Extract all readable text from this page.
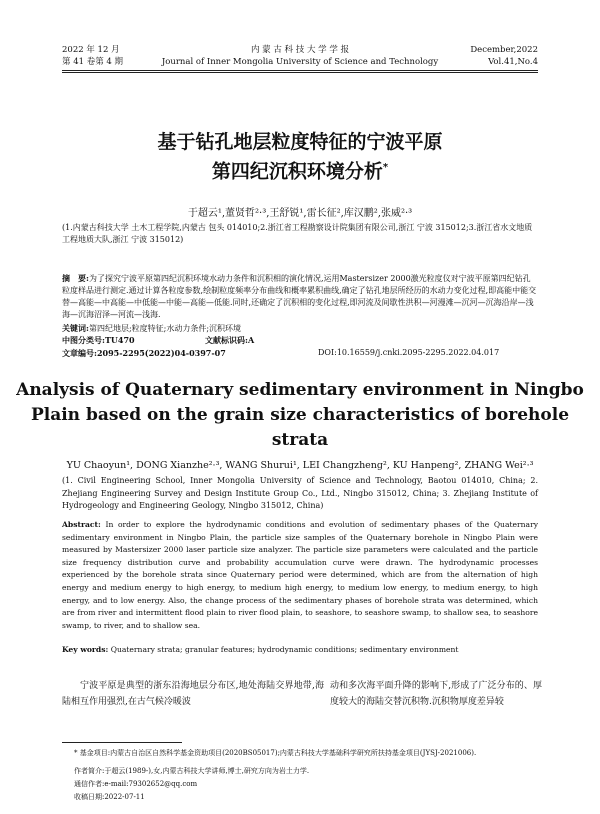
2022 年 12 月
第 41 卷第 4 期
内 蒙 古 科 技 大 学 学 报
Journal of Inner Mongolia University of Science and Technology
December,2022
Vol.41,No.4
基于钻孔地层粒度特征的宁波平原
第四纪沉积环境分析*
于超云¹,董贤哲²·³,王舒锐¹,雷长征²,库汉鹏²,张威²·³
(1.内蒙古科技大学 土木工程学院,内蒙古 包头 014010;2.浙江省工程勘察设计院集团有限公司,浙江 宁波 315012;3.浙江省水文地质工程地质大队,浙江 宁波 315012)
摘　要:为了探究宁波平原第四纪沉积环境水动力条件和沉积相的演化情况,运用Mastersizer 2000激光粒度仪对宁波平原第四纪钻孔粒度样品进行测定.通过计算各粒度参数,绘制粒度频率分布曲线和概率累积曲线,确定了钻孔地层所经历的水动力变化过程,即高能中能交替—高能—中高能—中低能—中能—高能—低能.同时,还确定了沉积相的变化过程,即河流及间歇性洪积—河漫滩—沉河—沉海沿岸—浅海—沉海沼泽—河流—浅海.
关键词:第四纪地层;粒度特征;水动力条件;沉积环境
中图分类号:TU470	文献标识码:A
文章编号:2095-2295(2022)04-0397-07	DOI:10.16559/j.cnki.2095-2295.2022.04.017
Analysis of Quaternary sedimentary environment in Ningbo
Plain based on the grain size characteristics of borehole strata
YU Chaoyun¹, DONG Xianzhe²·³, WANG Shurui¹, LEI Changzheng², KU Hanpeng², ZHANG Wei²·³
(1. Civil Engineering School, Inner Mongolia University of Science and Technology, Baotou 014010, China; 2. Zhejiang Engineering Survey and Design Institute Group Co., Ltd., Ningbo 315012, China; 3. Zhejiang Institute of Hydrogeology and Engineering Geology, Ningbo 315012, China)
Abstract: In order to explore the hydrodynamic conditions and evolution of sedimentary phases of the Quaternary sedimentary environment in Ningbo Plain, the particle size samples of the Quaternary borehole in Ningbo Plain were measured by Mastersizer 2000 laser particle size analyzer. The particle size parameters were calculated and the particle size frequency distribution curve and probability accumulation curve were drawn. The hydrodynamic processes experienced by the borehole strata since Quaternary period were determined, which are from the alternation of high energy and medium energy to high energy, to medium high energy, to medium low energy, to medium energy, to high energy, and to low energy. Also, the change process of the sedimentary phases of borehole strata was determined, which are from river and intermittent flood plain to river flood plain, to seashore, to seashore swamp, to shallow sea, to seashore swamp, to river, and to shallow sea.
Key words: Quaternary strata; granular features; hydrodynamic conditions; sedimentary environment
宁波平原是典型的浙东沿海地层分布区,地处海陆交界地带,海陆相互作用强烈,在古气候冷暖波
动和多次海平面升降的影响下,形成了广泛分布的、厚度较大的海陆交替沉积物.沉积物厚度差异较
* 基金项目:内蒙古自治区自然科学基金资助项目(2020BS05017);内蒙古科技大学基础科学研究所扶持基金项目(JYSJ-2021006).
作者简介:于超云(1989-),女,内蒙古科技大学讲师,博士,研究方向为岩土力学.
通信作者:e-mail:79302652@qq.com
收稿日期:2022-07-11
